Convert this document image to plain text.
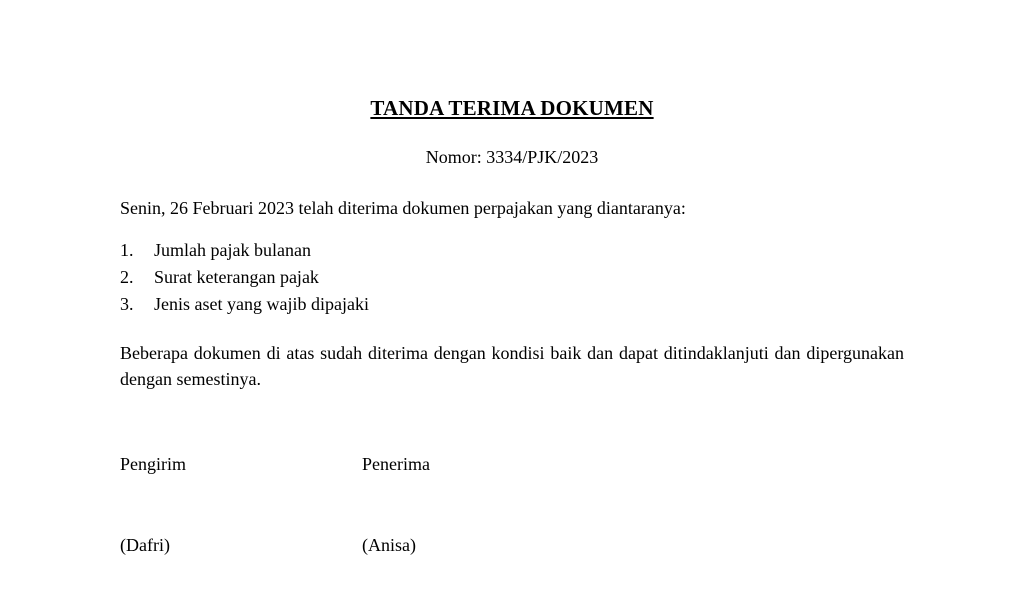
TANDA TERIMA DOKUMEN

Nomor: 3334/PJK/2023

Senin, 26 Februari 2023 telah diterima dokumen perpajakan yang diantaranya:

1.	Jumlah pajak bulanan
2.	Surat keterangan pajak
3.	Jenis aset yang wajib dipajaki

Beberapa dokumen di atas sudah diterima dengan kondisi baik dan dapat ditindaklanjuti dan dipergunakan dengan semestinya.

Pengirim	Penerima
(Dafri)	(Anisa)
